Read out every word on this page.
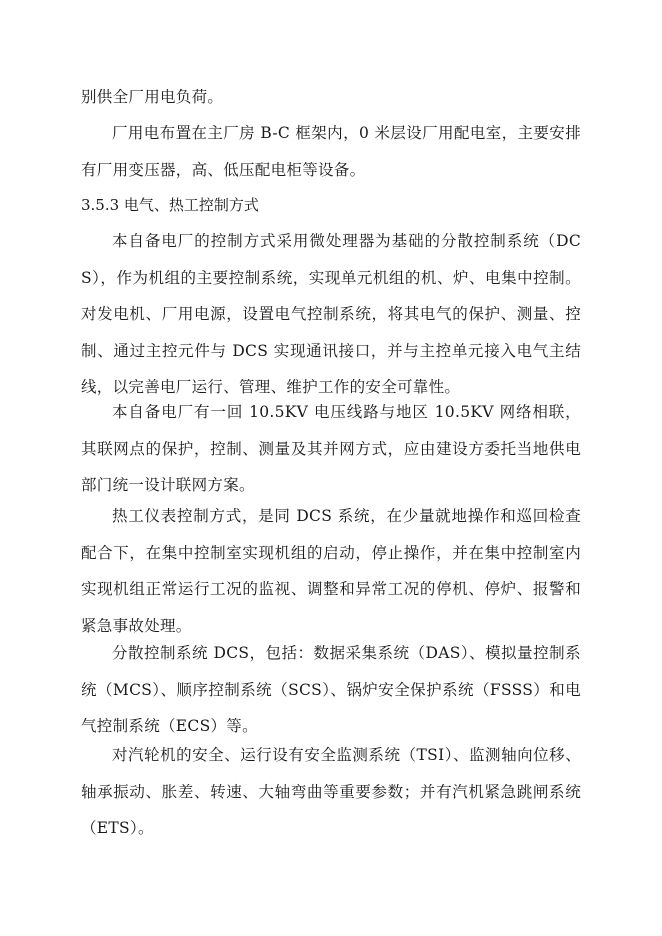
别供全厂用电负荷。

厂用电布置在主厂房 B-C 框架内，0 米层设厂用配电室，主要安排有厂用变压器，高、低压配电柜等设备。

3.5.3 电气、热工控制方式

本自备电厂的控制方式采用微处理器为基础的分散控制系统（DCS），作为机组的主要控制系统，实现单元机组的机、炉、电集中控制。对发电机、厂用电源，设置电气控制系统，将其电气的保护、测量、控制、通过主控元件与 DCS 实现通讯接口，并与主控单元接入电气主结线，以完善电厂运行、管理、维护工作的安全可靠性。

本自备电厂有一回 10.5KV 电压线路与地区 10.5KV 网络相联，其联网点的保护，控制、测量及其并网方式，应由建设方委托当地供电部门统一设计联网方案。

热工仪表控制方式，是同 DCS 系统，在少量就地操作和巡回检查配合下，在集中控制室实现机组的启动，停止操作，并在集中控制室内实现机组正常运行工况的监视、调整和异常工况的停机、停炉、报警和紧急事故处理。

分散控制系统 DCS，包括：数据采集系统（DAS）、模拟量控制系统（MCS）、顺序控制系统（SCS）、锅炉安全保护系统（FSSS）和电气控制系统（ECS）等。

对汽轮机的安全、运行设有安全监测系统（TSI）、监测轴向位移、轴承振动、胀差、转速、大轴弯曲等重要参数；并有汽机紧急跳闸系统（ETS）。
